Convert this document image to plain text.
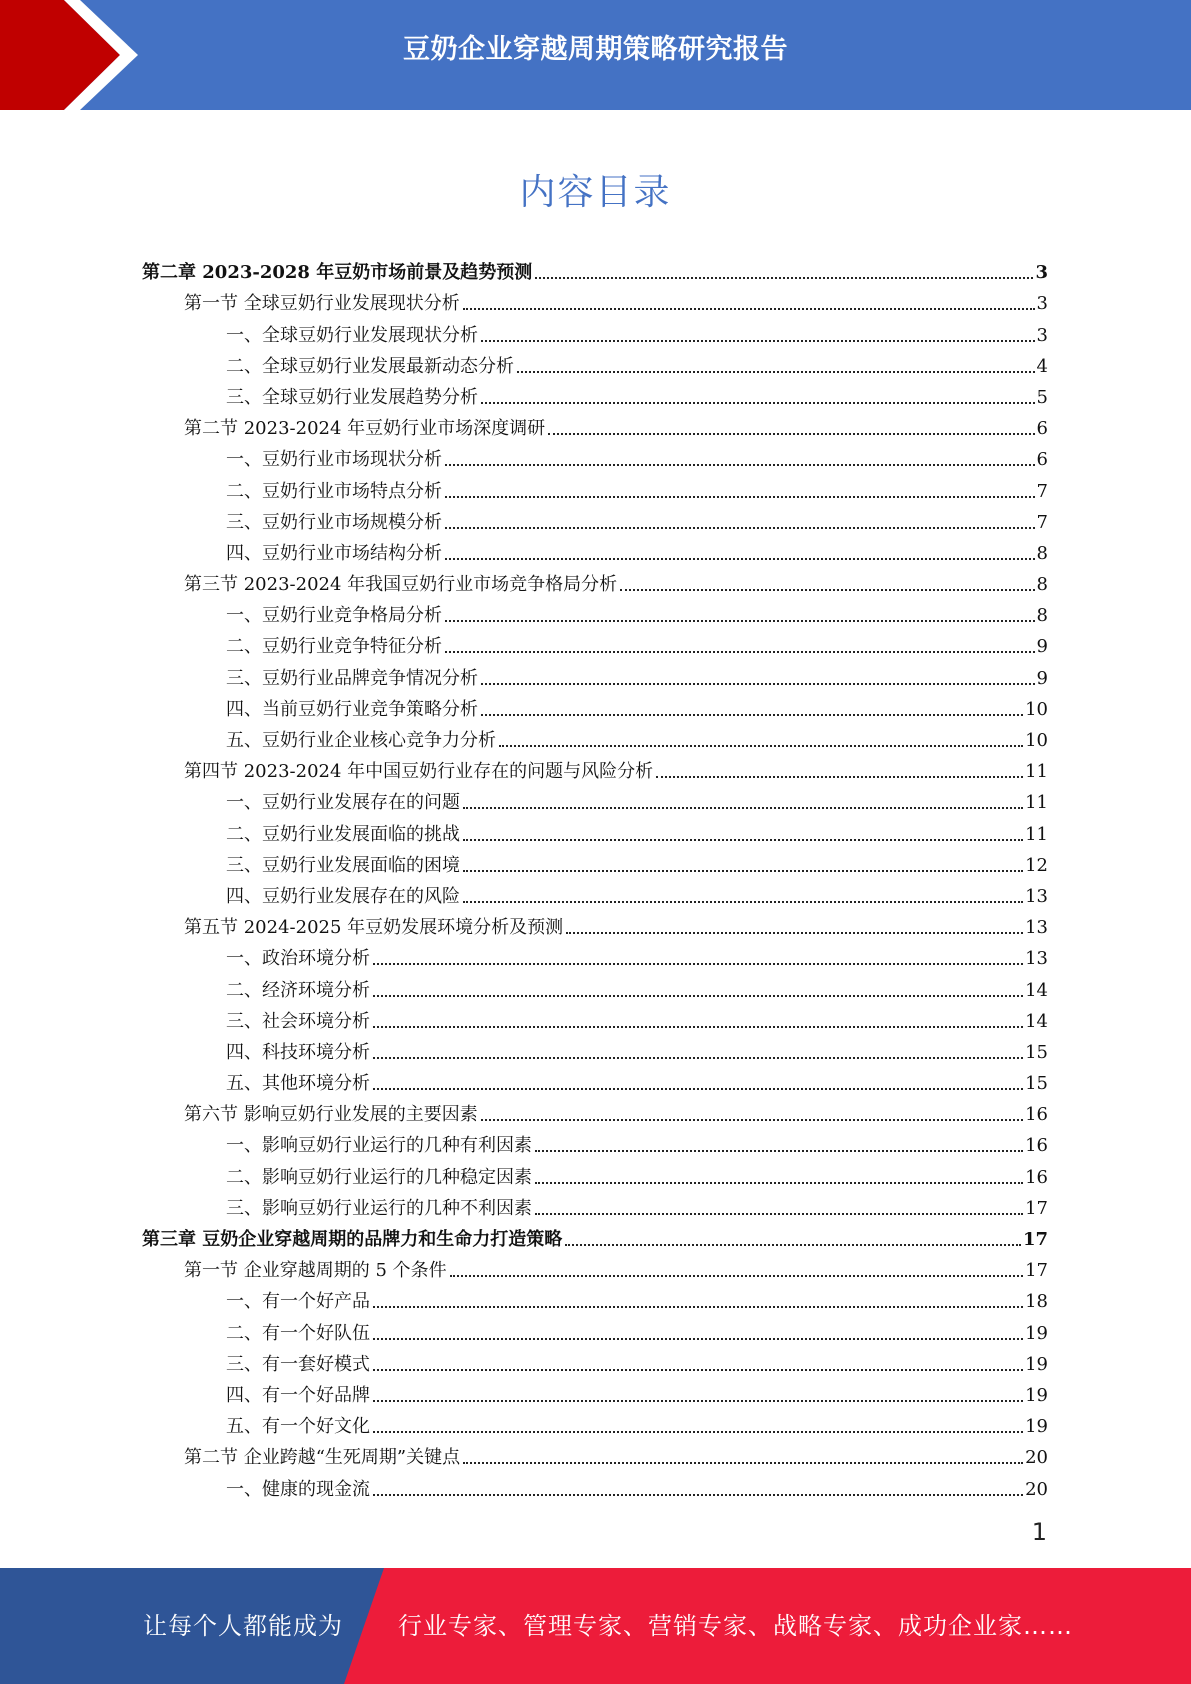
豆奶企业穿越周期策略研究报告
内容目录
第二章 2023-2028 年豆奶市场前景及趋势预测	3
第一节 全球豆奶行业发展现状分析	3
一、全球豆奶行业发展现状分析	3
二、全球豆奶行业发展最新动态分析	4
三、全球豆奶行业发展趋势分析	5
第二节 2023-2024 年豆奶行业市场深度调研	6
一、豆奶行业市场现状分析	6
二、豆奶行业市场特点分析	7
三、豆奶行业市场规模分析	7
四、豆奶行业市场结构分析	8
第三节 2023-2024 年我国豆奶行业市场竞争格局分析	8
一、豆奶行业竞争格局分析	8
二、豆奶行业竞争特征分析	9
三、豆奶行业品牌竞争情况分析	9
四、当前豆奶行业竞争策略分析	10
五、豆奶行业企业核心竞争力分析	10
第四节 2023-2024 年中国豆奶行业存在的问题与风险分析	11
一、豆奶行业发展存在的问题	11
二、豆奶行业发展面临的挑战	11
三、豆奶行业发展面临的困境	12
四、豆奶行业发展存在的风险	13
第五节 2024-2025 年豆奶发展环境分析及预测	13
一、政治环境分析	13
二、经济环境分析	14
三、社会环境分析	14
四、科技环境分析	15
五、其他环境分析	15
第六节 影响豆奶行业发展的主要因素	16
一、影响豆奶行业运行的几种有利因素	16
二、影响豆奶行业运行的几种稳定因素	16
三、影响豆奶行业运行的几种不利因素	17
第三章 豆奶企业穿越周期的品牌力和生命力打造策略	17
第一节 企业穿越周期的 5 个条件	17
一、有一个好产品	18
二、有一个好队伍	19
三、有一套好模式	19
四、有一个好品牌	19
五、有一个好文化	19
第二节 企业跨越“生死周期”关键点	20
一、健康的现金流	20
1
让每个人都能成为 行业专家、管理专家、营销专家、战略专家、成功企业家……
